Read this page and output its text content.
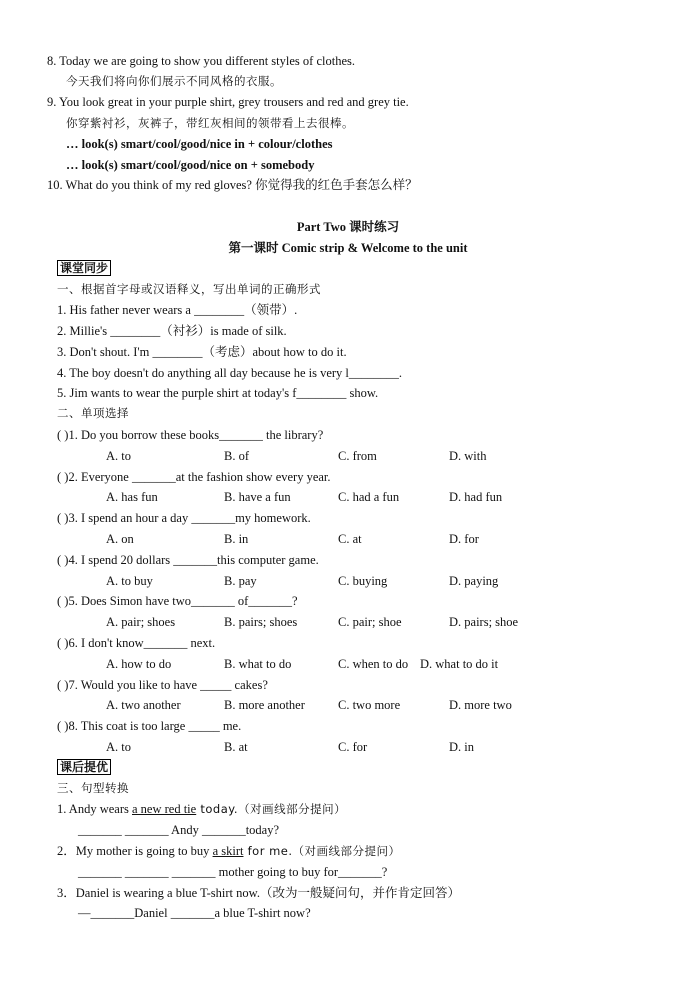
8. Today we are going to show you different styles of clothes.
今天我们将向你们展示不同风格的衣服。
9. You look great in your purple shirt, grey trousers and red and grey tie.
你穿紫衬衫，灰裤子，带红灰相间的领带看上去很棒。
… look(s) smart/cool/good/nice in + colour/clothes
… look(s) smart/cool/good/nice on + somebody
10. What do you think of my red gloves? 你觉得我的红色手套怎么样？
Part Two 课时练习
第一课时 Comic strip & Welcome to the unit
课堂同步
一、根据首字母或汉语释义，写出单词的正确形式
1. His father never wears a ________（领带）.
2. Millie's ________（衬衫）is made of silk.
3. Don't shout. I'm ________（考虑）about how to do it.
4. The boy doesn't do anything all day because he is very l________.
5. Jim wants to wear the purple shirt at today's f________ show.
二、单项选择
( )1. Do you borrow these books_______ the library?
A. to	B. of	C. from	D. with
( )2. Everyone _______at the fashion show every year.
A. has fun	B. have a fun	C. had a fun	D. had fun
( )3. I spend an hour a day _______my homework.
A. on	B. in	C. at	D. for
( )4. I spend 20 dollars _______this computer game.
A. to buy	B. pay	C. buying	D. paying
( )5. Does Simon have two_______ of_______?
A. pair; shoes	B. pairs; shoes	C. pair; shoe	D. pairs; shoe
( )6. I don't know_______ next.
A. how to do	B. what to do	C. when to do D. what to do it
( )7. Would you like to have _____ cakes?
A. two another	B. more another	C. two more	D. more two
( )8. This coat is too large _____ me.
A. to	B. at	C. for	D. in
课后提优
三、句型转换
1. Andy wears a new red tie today.（对画线部分提问）
_______ _______ Andy _______today?
2．My mother is going to buy a skirt for me.（对画线部分提问）
_______ _______ _______ mother going to buy for_______?
3．Daniel is wearing a blue T-shirt now.（改为一般疑问句，并作肯定回答）
—_______Daniel _______a blue T-shirt now?
